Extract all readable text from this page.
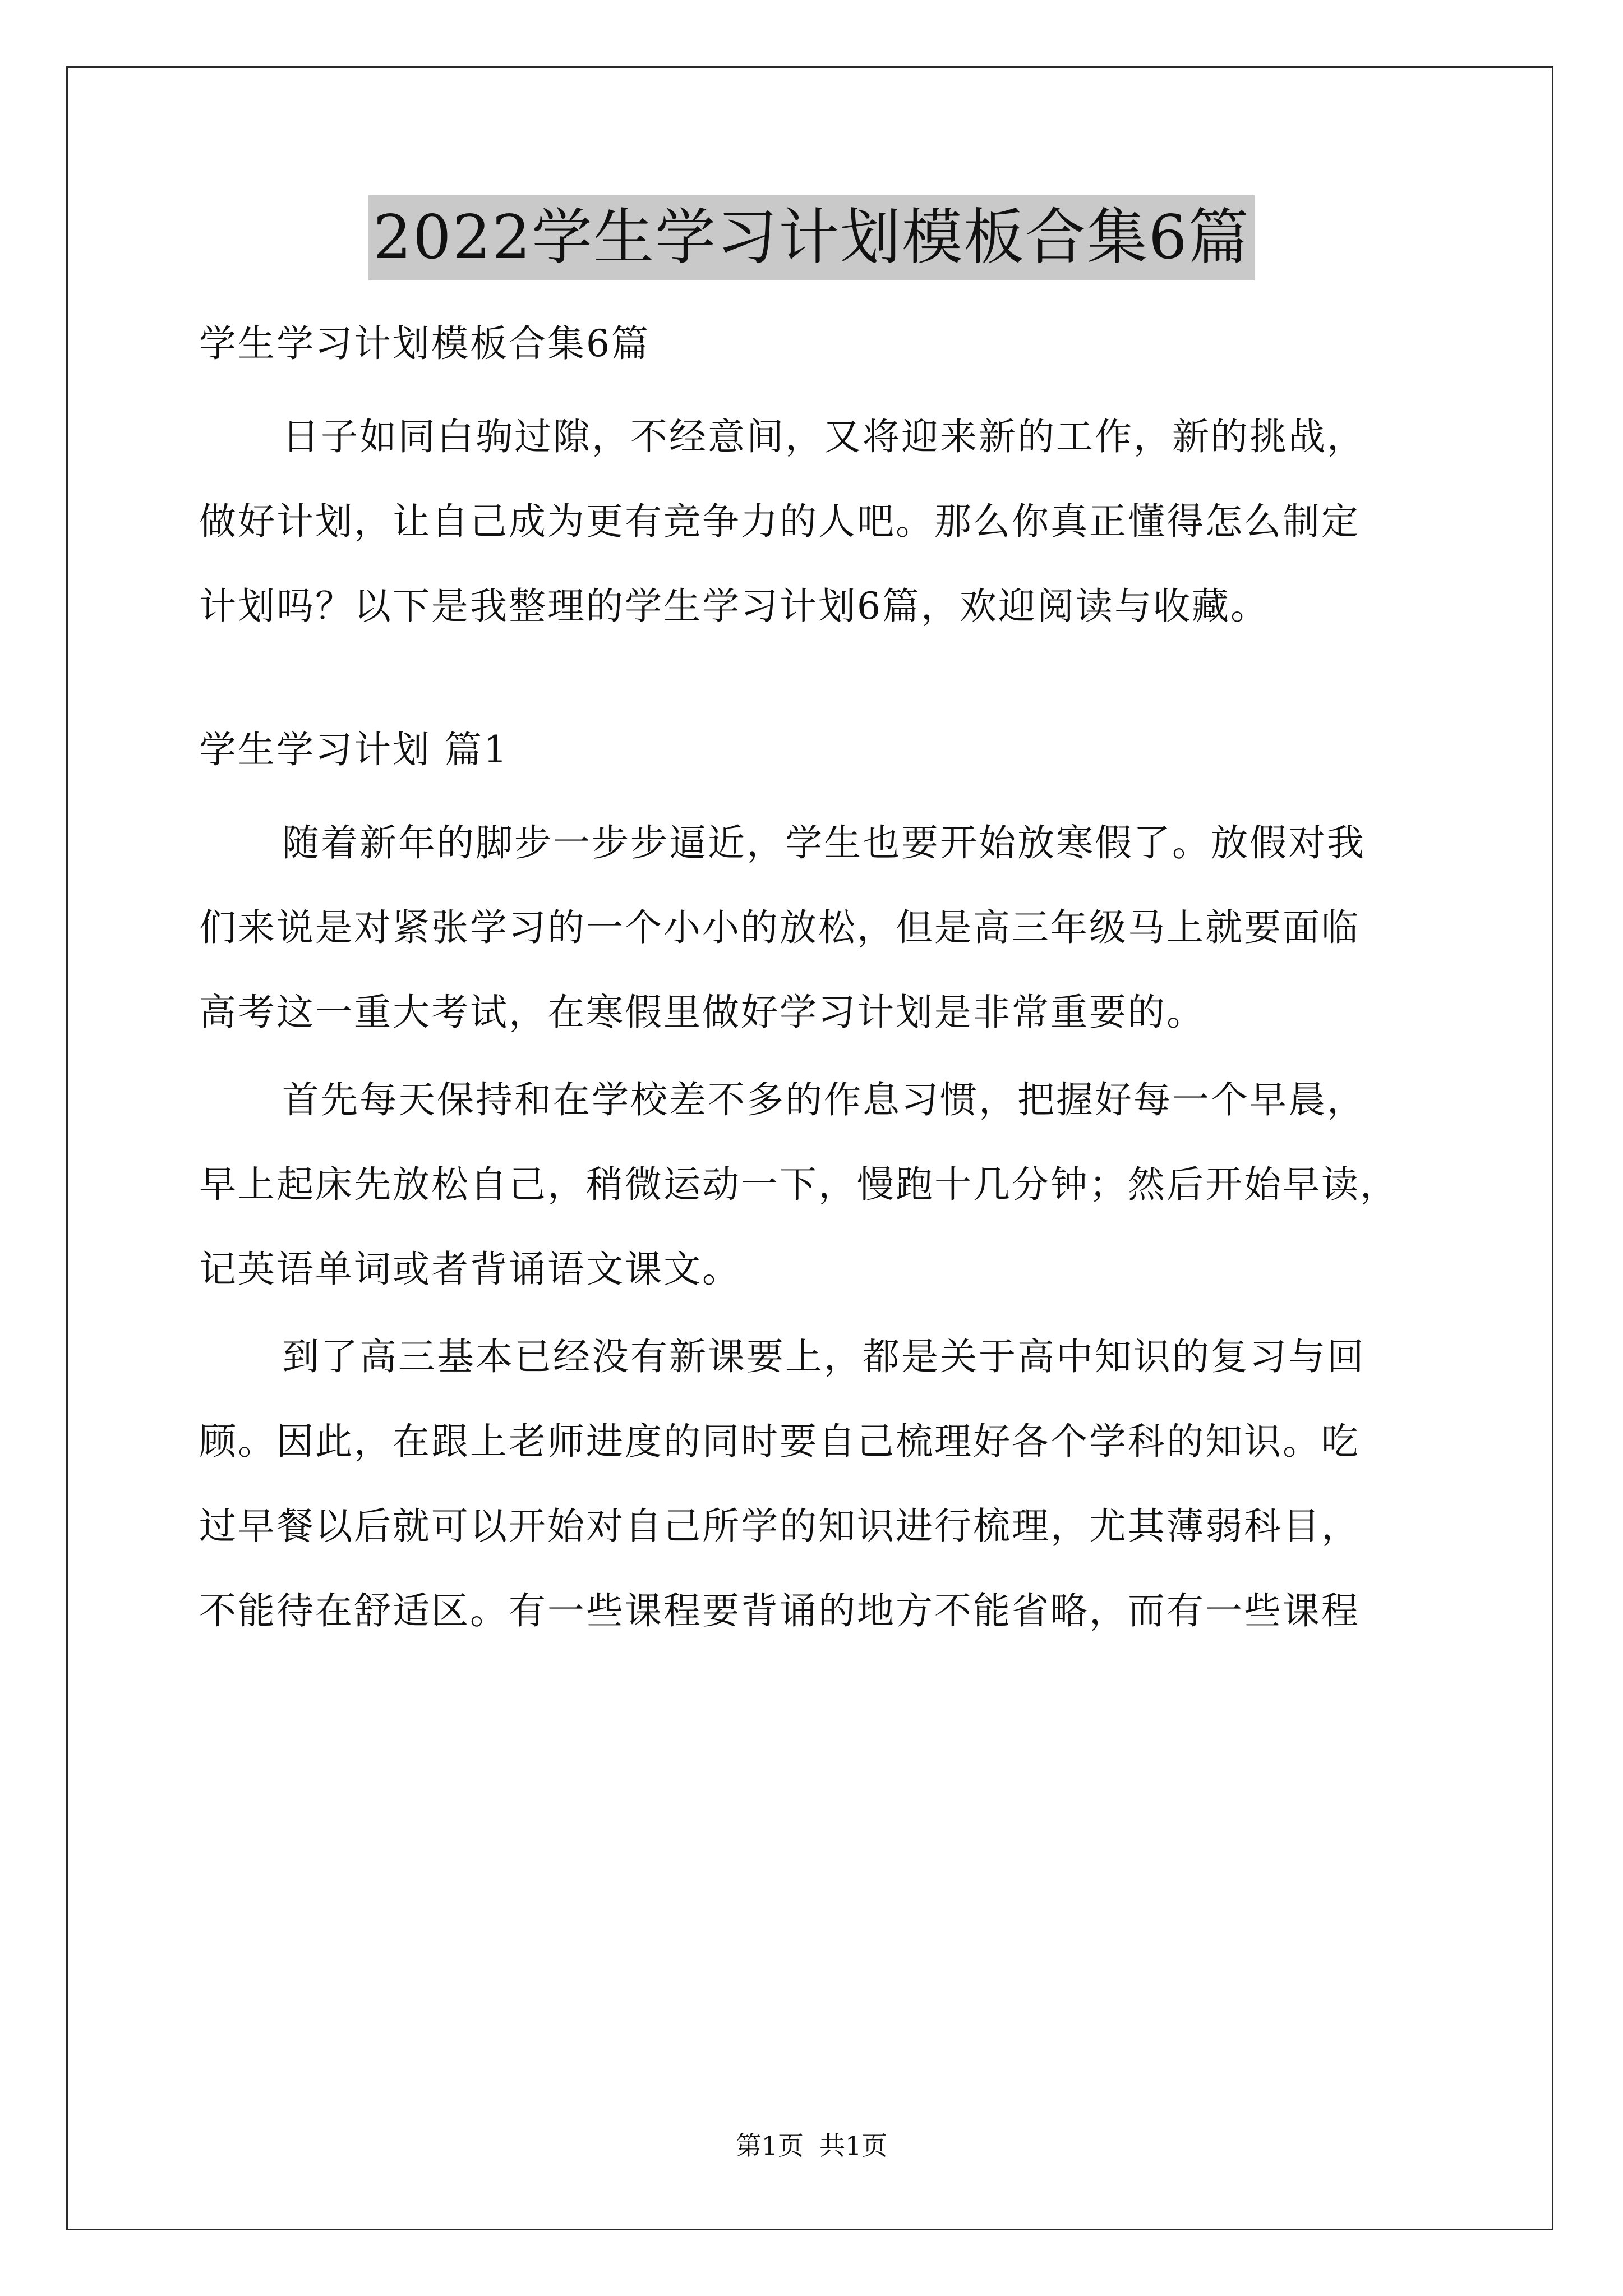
2022学生学习计划模板合集6篇

学生学习计划模板合集6篇

日子如同白驹过隙，不经意间，又将迎来新的工作，新的挑战，

做好计划，让自己成为更有竞争力的人吧。那么你真正懂得怎么制定

计划吗？以下是我整理的学生学习计划6篇，欢迎阅读与收藏。

学生学习计划 篇1

随着新年的脚步一步步逼近，学生也要开始放寒假了。放假对我

们来说是对紧张学习的一个小小的放松，但是高三年级马上就要面临

高考这一重大考试，在寒假里做好学习计划是非常重要的。

首先每天保持和在学校差不多的作息习惯，把握好每一个早晨，

早上起床先放松自己，稍微运动一下，慢跑十几分钟；然后开始早读，

记英语单词或者背诵语文课文。

到了高三基本已经没有新课要上，都是关于高中知识的复习与回

顾。因此，在跟上老师进度的同时要自己梳理好各个学科的知识。吃

过早餐以后就可以开始对自己所学的知识进行梳理，尤其薄弱科目，

不能待在舒适区。有一些课程要背诵的地方不能省略，而有一些课程

第1页 共1页
